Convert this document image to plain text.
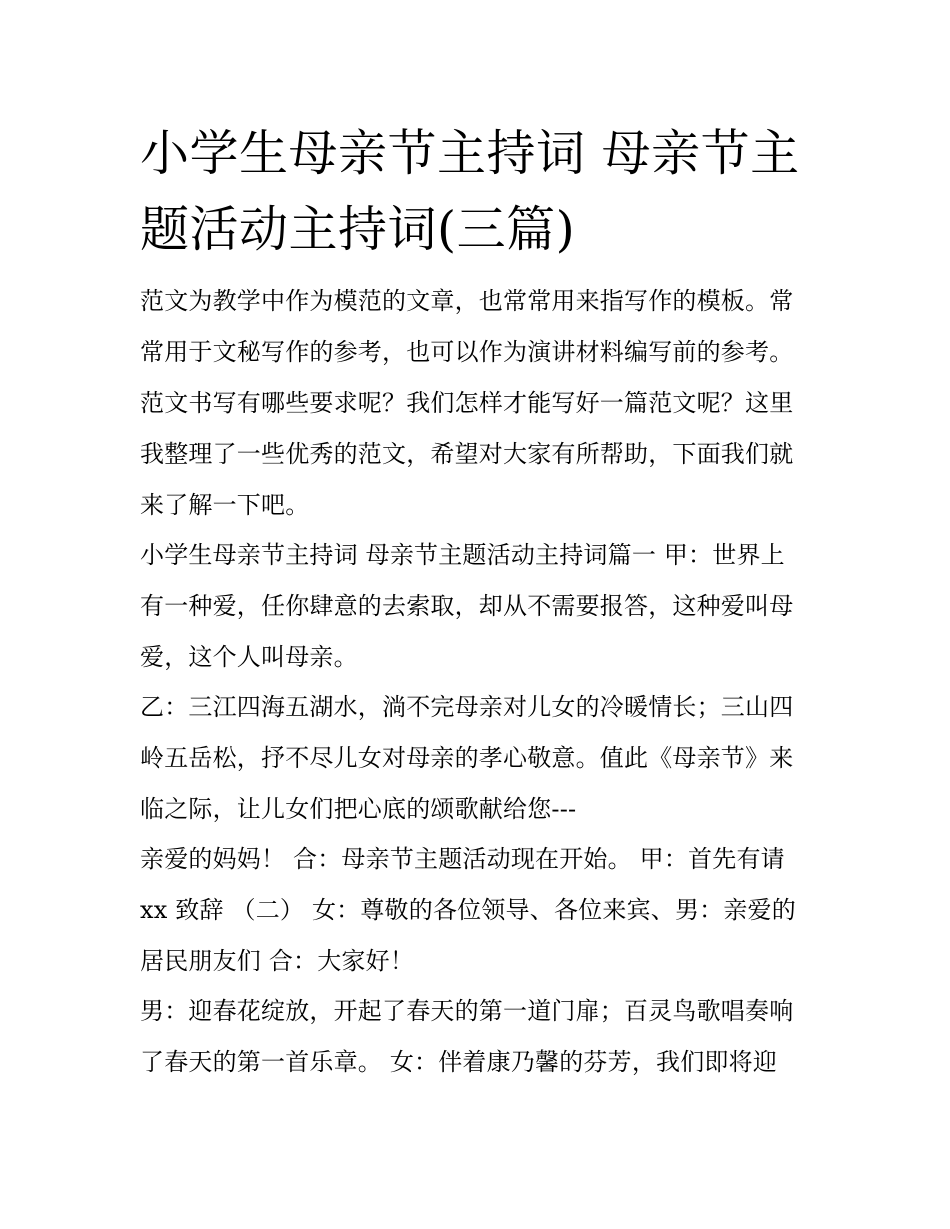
小学生母亲节主持词 母亲节主
题活动主持词(三篇)

范文为教学中作为模范的文章，也常常用来指写作的模板。常
常用于文秘写作的参考，也可以作为演讲材料编写前的参考。
范文书写有哪些要求呢？我们怎样才能写好一篇范文呢？这里
我整理了一些优秀的范文，希望对大家有所帮助，下面我们就
来了解一下吧。

小学生母亲节主持词 母亲节主题活动主持词篇一 甲：世界上
有一种爱，任你肆意的去索取，却从不需要报答，这种爱叫母
爱，这个人叫母亲。

乙：三江四海五湖水，淌不完母亲对儿女的冷暖情长；三山四
岭五岳松，抒不尽儿女对母亲的孝心敬意。值此《母亲节》来
临之际，让儿女们把心底的颂歌献给您---

亲爱的妈妈！ 合：母亲节主题活动现在开始。 甲：首先有请
xx 致辞 （二） 女：尊敬的各位领导、各位来宾、男：亲爱的
居民朋友们 合：大家好！

男：迎春花绽放，开起了春天的第一道门扉；百灵鸟歌唱奏响
了春天的第一首乐章。 女：伴着康乃馨的芬芳，我们即将迎
